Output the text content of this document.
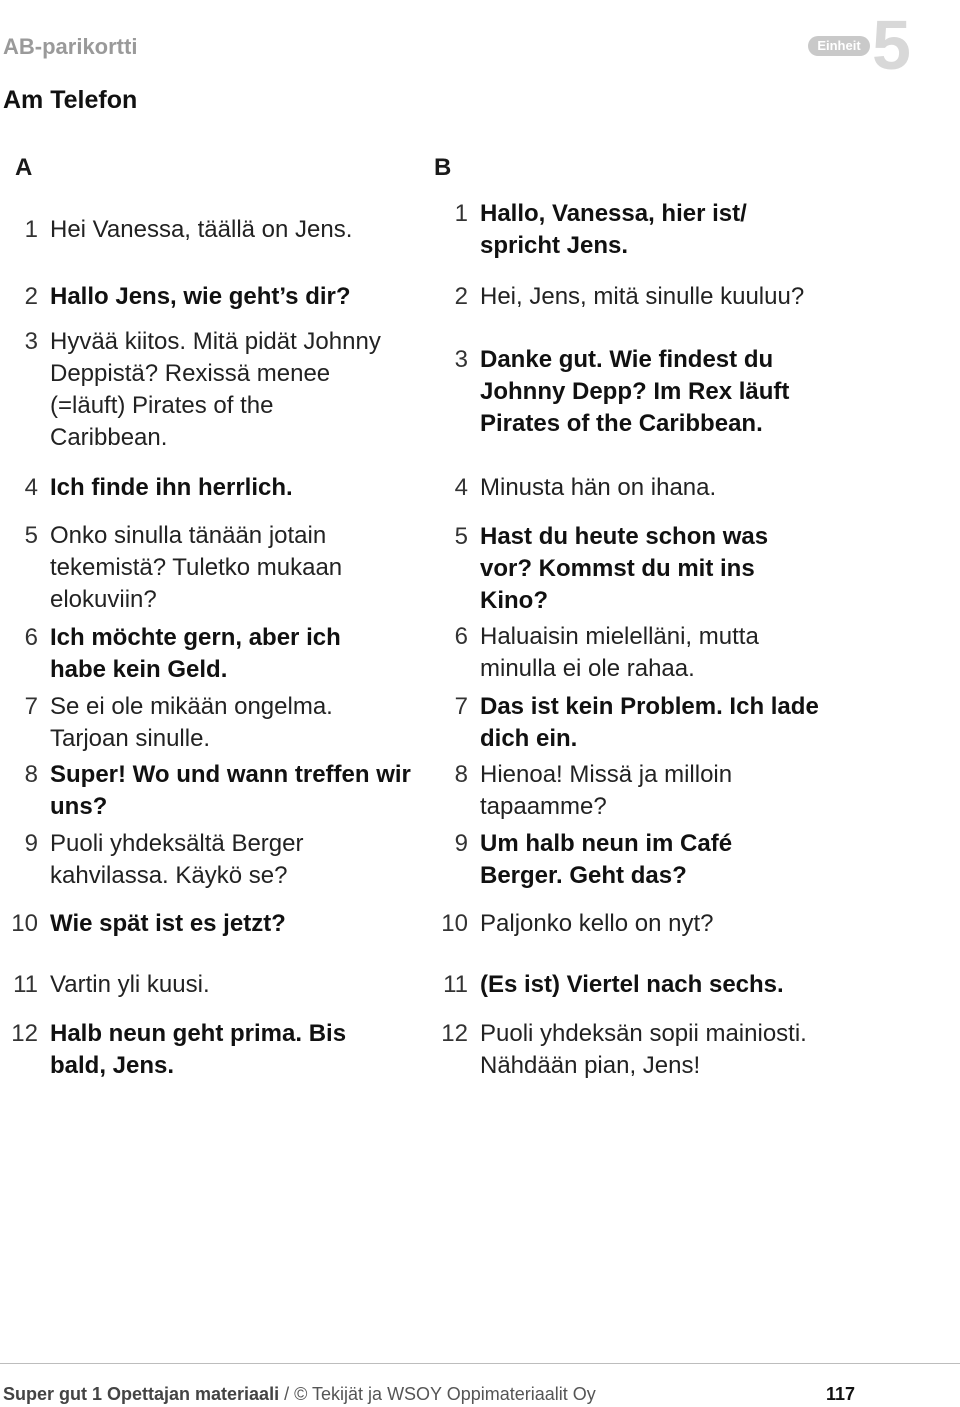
AB-parikortti	Einheit 5
Am Telefon
A	B
1 Hei Vanessa, täällä on Jens.
2 Hallo Jens, wie geht’s dir?
3 Hyvää kiitos. Mitä pidät Johnny Deppistä? Rexissä menee (=läuft) Pirates of the Caribbean.
4 Ich finde ihn herrlich.
5 Onko sinulla tänään jotain tekemistä? Tuletko mukaan elokuviin?
6 Ich möchte gern, aber ich habe kein Geld.
7 Se ei ole mikään ongelma. Tarjoan sinulle.
8 Super! Wo und wann treffen wir uns?
9 Puoli yhdeksältä Berger kahvilassa. Käykö se?
10 Wie spät ist es jetzt?
11 Vartin yli kuusi.
12 Halb neun geht prima. Bis bald, Jens.
1 Hallo, Vanessa, hier ist/ spricht Jens.
2 Hei, Jens, mitä sinulle kuuluu?
3 Danke gut. Wie findest du Johnny Depp? Im Rex läuft Pirates of the Caribbean.
4 Minusta hän on ihana.
5 Hast du heute schon was vor? Kommst du mit ins Kino?
6 Haluaisin mielelläni, mutta minulla ei ole rahaa.
7 Das ist kein Problem. Ich lade dich ein.
8 Hienoa! Missä ja milloin tapaamme?
9 Um halb neun im Café Berger. Geht das?
10 Paljonko kello on nyt?
11 (Es ist) Viertel nach sechs.
12 Puoli yhdeksän sopii mainiosti. Nähdään pian, Jens!
Super gut 1 Opettajan materiaali / © Tekijät ja WSOY Oppimateriaalit Oy	117
